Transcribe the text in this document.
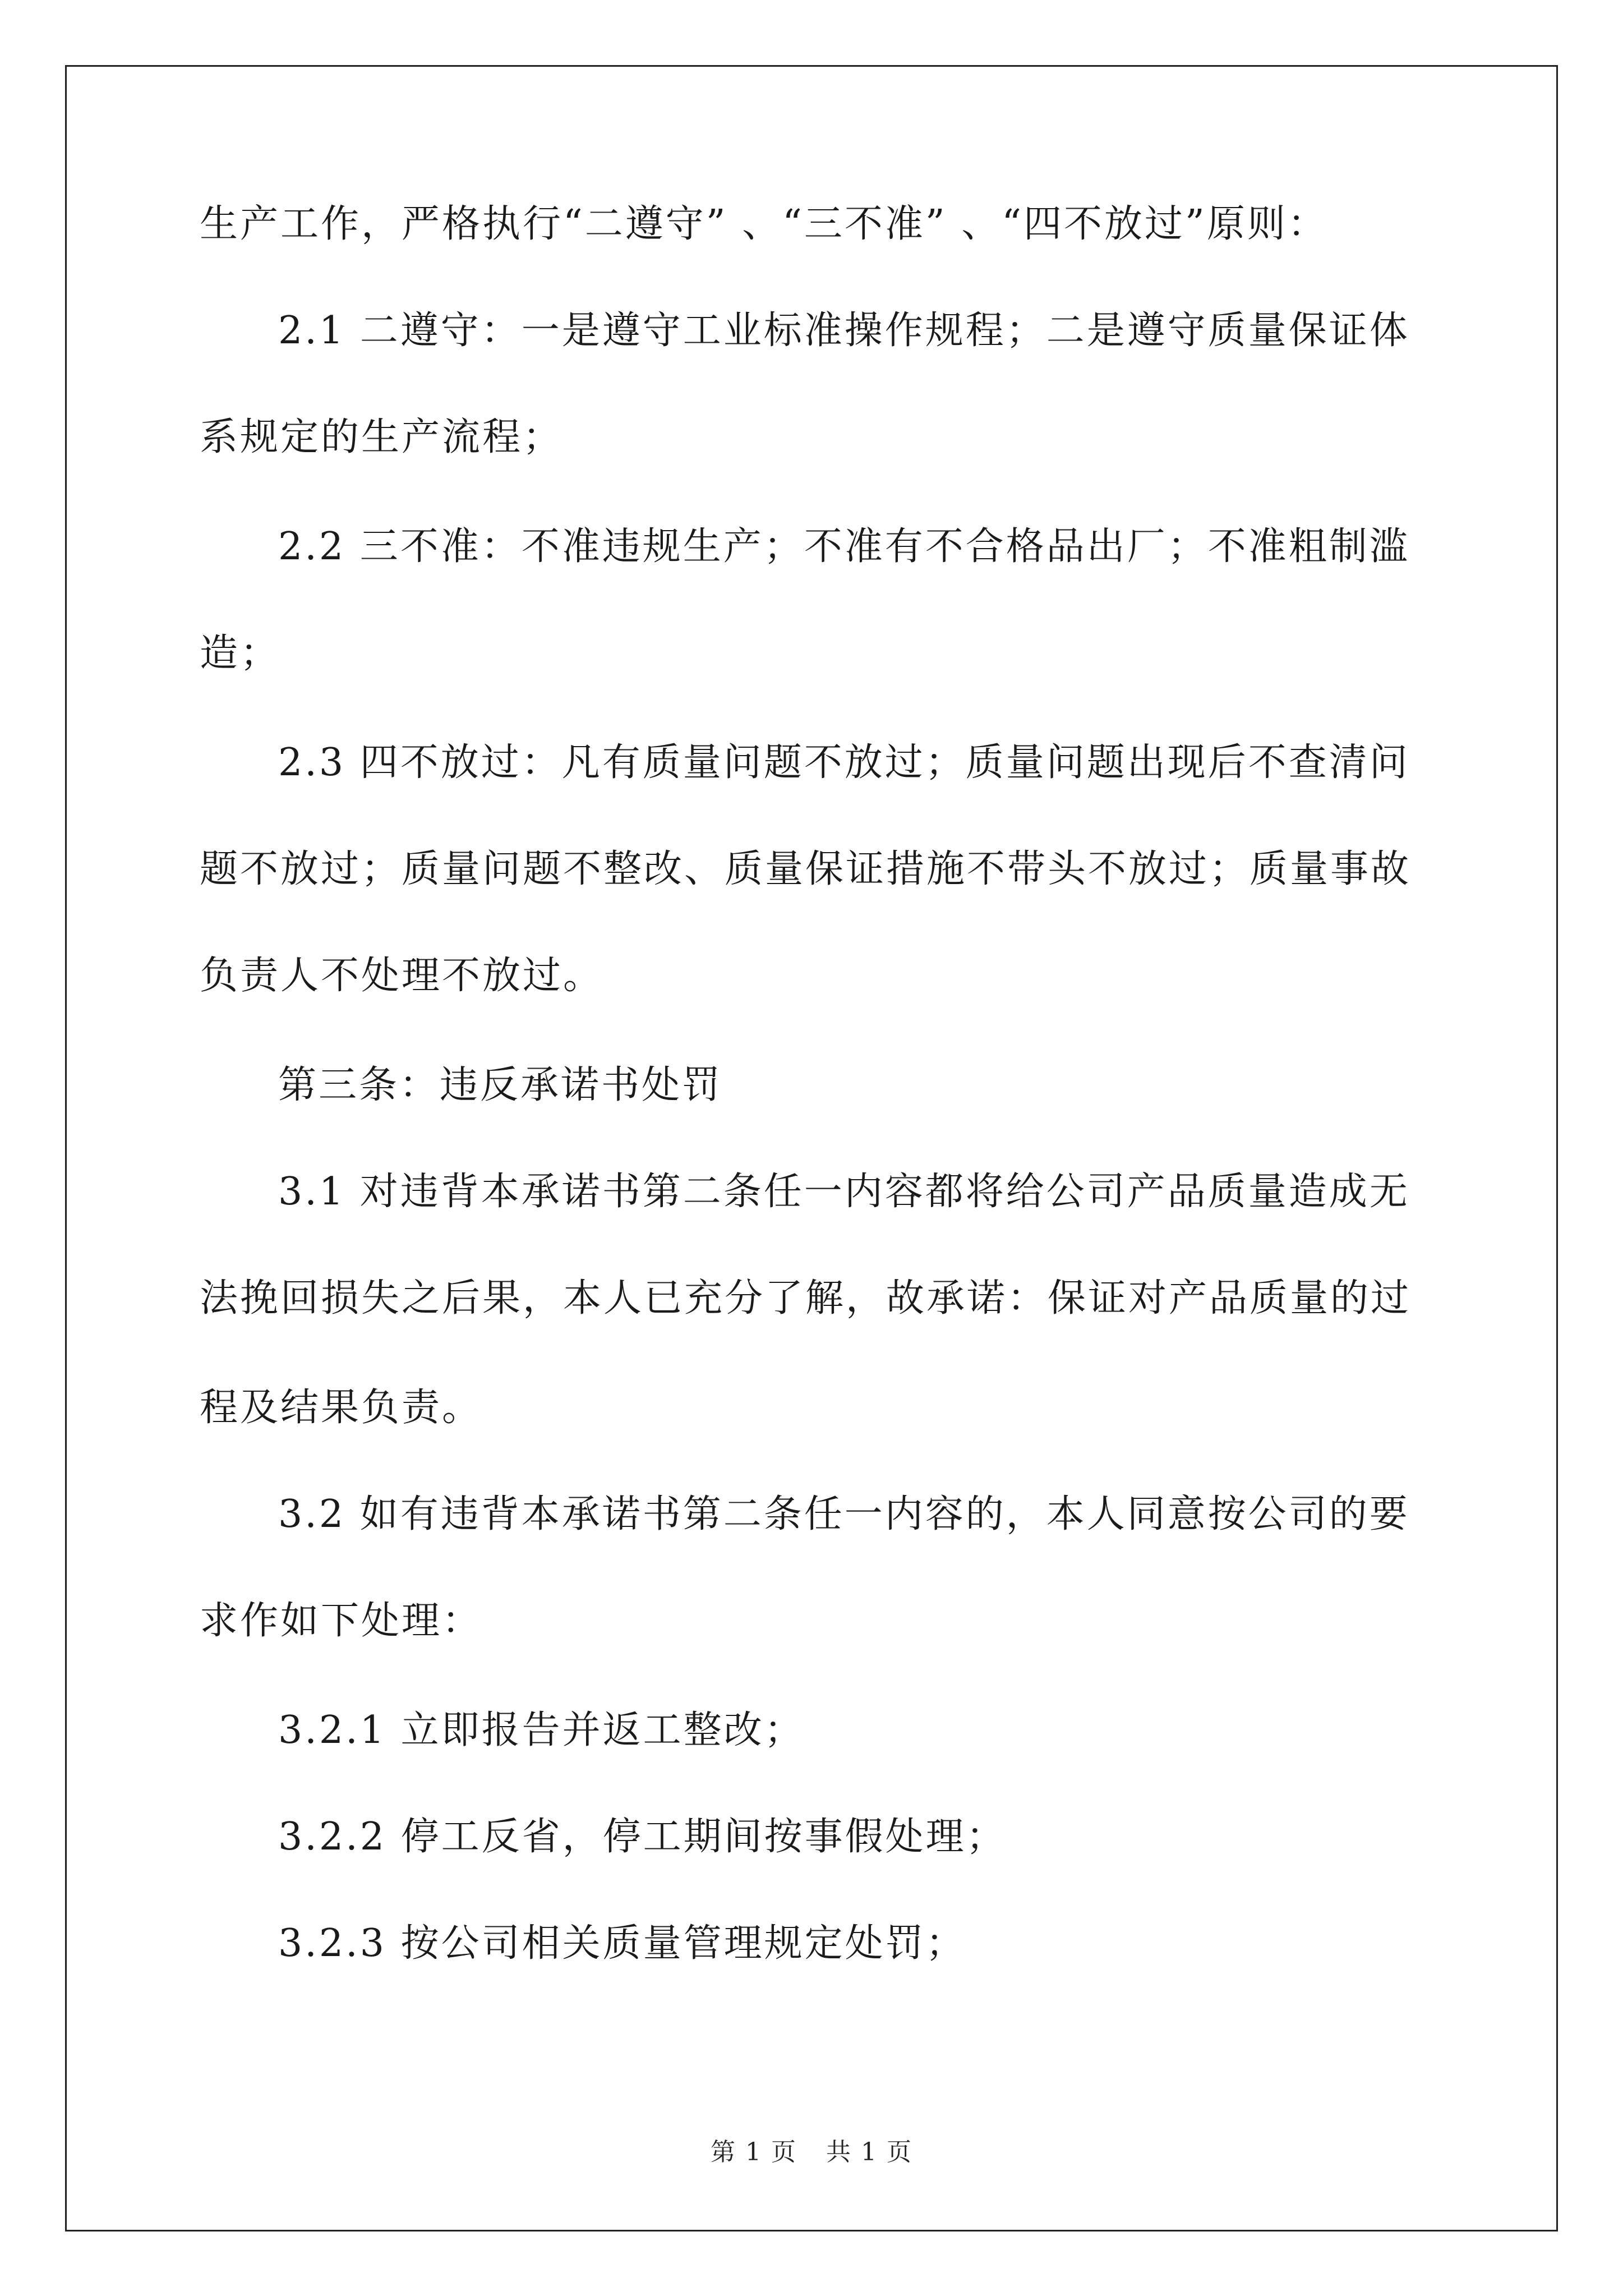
生产工作，严格执行“二遵守” 、“三不准” 、“四不放过”原则：
2.1 二遵守：一是遵守工业标准操作规程；二是遵守质量保证体
系规定的生产流程；
2.2 三不准：不准违规生产；不准有不合格品出厂；不准粗制滥
造；
2.3 四不放过：凡有质量问题不放过；质量问题出现后不查清问
题不放过；质量问题不整改、质量保证措施不带头不放过；质量事故
负责人不处理不放过。
第三条：违反承诺书处罚
3.1 对违背本承诺书第二条任一内容都将给公司产品质量造成无
法挽回损失之后果，本人已充分了解，故承诺：保证对产品质量的过
程及结果负责。
3.2 如有违背本承诺书第二条任一内容的，本人同意按公司的要
求作如下处理：
3.2.1 立即报告并返工整改；
3.2.2 停工反省，停工期间按事假处理；
3.2.3 按公司相关质量管理规定处罚；
第 1 页 共 1 页
